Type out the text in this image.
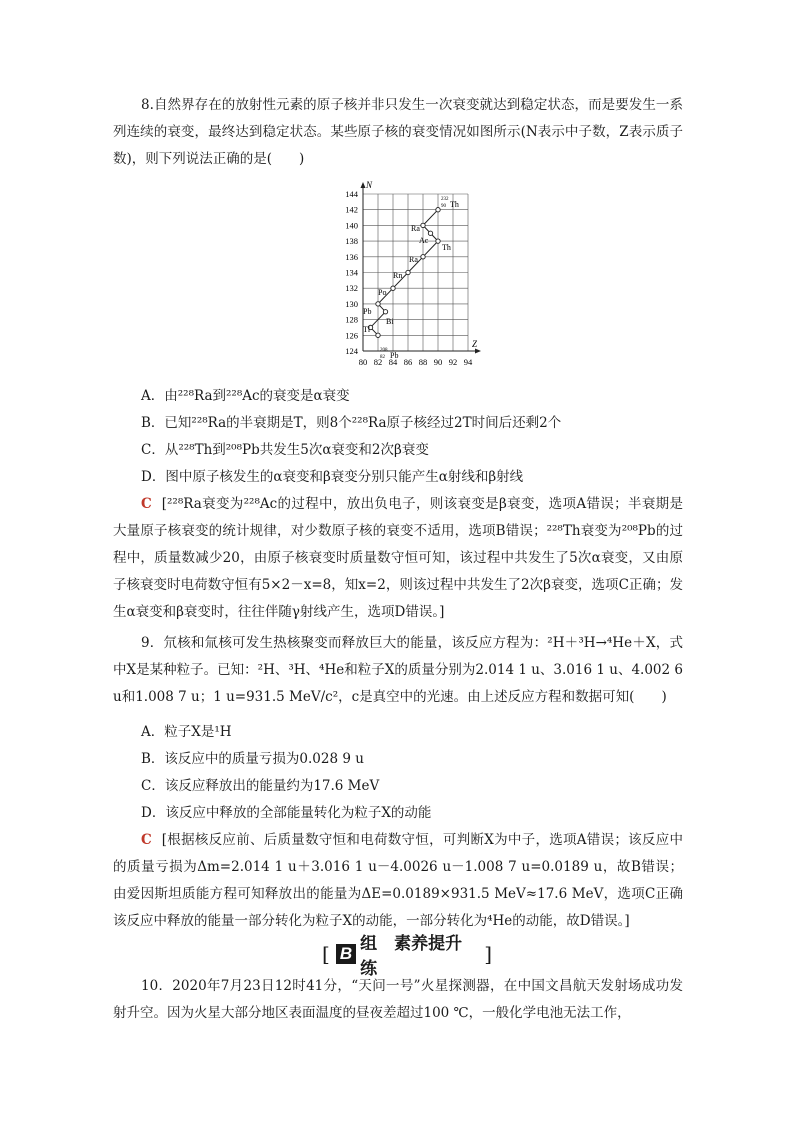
8.自然界存在的放射性元素的原子核并非只发生一次衰变就达到稳定状态，而是要发生一系列连续的衰变，最终达到稳定状态。某些原子核的衰变情况如图所示(N表示中子数，Z表示质子数)，则下列说法正确的是(　　)

N
Z
124
126
128
130
132
134
136
138
140
142
144
80 82 84 86 88 90 92 94
232
90 Th
Ra
Ac
Th
Ra
Rn
Po
Pb
Bi
Tl
208
82 Pb
A．由²²⁸Ra到²²⁸Ac的衰变是α衰变
B．已知²²⁸Ra的半衰期是T，则8个²²⁸Ra原子核经过2T时间后还剩2个
C．从²²⁸Th到²⁰⁸Pb共发生5次α衰变和2次β衰变
D．图中原子核发生的α衰变和β衰变分别只能产生α射线和β射线

C [²²⁸Ra衰变为²²⁸Ac的过程中，放出负电子，则该衰变是β衰变，选项A错误；半衰期是大量原子核衰变的统计规律，对少数原子核的衰变不适用，选项B错误；²²⁸Th衰变为²⁰⁸Pb的过程中，质量数减少20，由原子核衰变时质量数守恒可知，该过程中共发生了5次α衰变，又由原子核衰变时电荷数守恒有5×2－x=8，知x=2，则该过程中共发生了2次β衰变，选项C正确；发生α衰变和β衰变时，往往伴随γ射线产生，选项D错误。]

9．氘核和氚核可发生热核聚变而释放巨大的能量，该反应方程为：²H＋³H→⁴He＋X，式中X是某种粒子。已知：²H、³H、⁴He和粒子X的质量分别为2.014 1 u、3.016 1 u、4.002 6 u和1.008 7 u；1 u=931.5 MeV/c²，c是真空中的光速。由上述反应方程和数据可知(　　)

A．粒子X是¹H
B．该反应中的质量亏损为0.028 9 u
C．该反应释放出的能量约为17.6 MeV
D．该反应中释放的全部能量转化为粒子X的动能

C [根据核反应前、后质量数守恒和电荷数守恒，可判断X为中子，选项A错误；该反应中的质量亏损为Δm=2.014 1 u＋3.016 1 u－4.0026 u－1.008 7 u=0.0189 u，故B错误；由爱因斯坦质能方程可知释放出的能量为ΔE=0.0189×931.5 MeV≈17.6 MeV，选项C正确该反应中释放的能量一部分转化为粒子X的动能，一部分转化为⁴He的动能，故D错误。]

[ B 组　素养提升练
]

10．2020年7月23日12时41分，“天问一号”火星探测器，在中国文昌航天发射场成功发射升空。因为火星大部分地区表面温度的昼夜差超过100 ℃，一般化学电池无法工作，
